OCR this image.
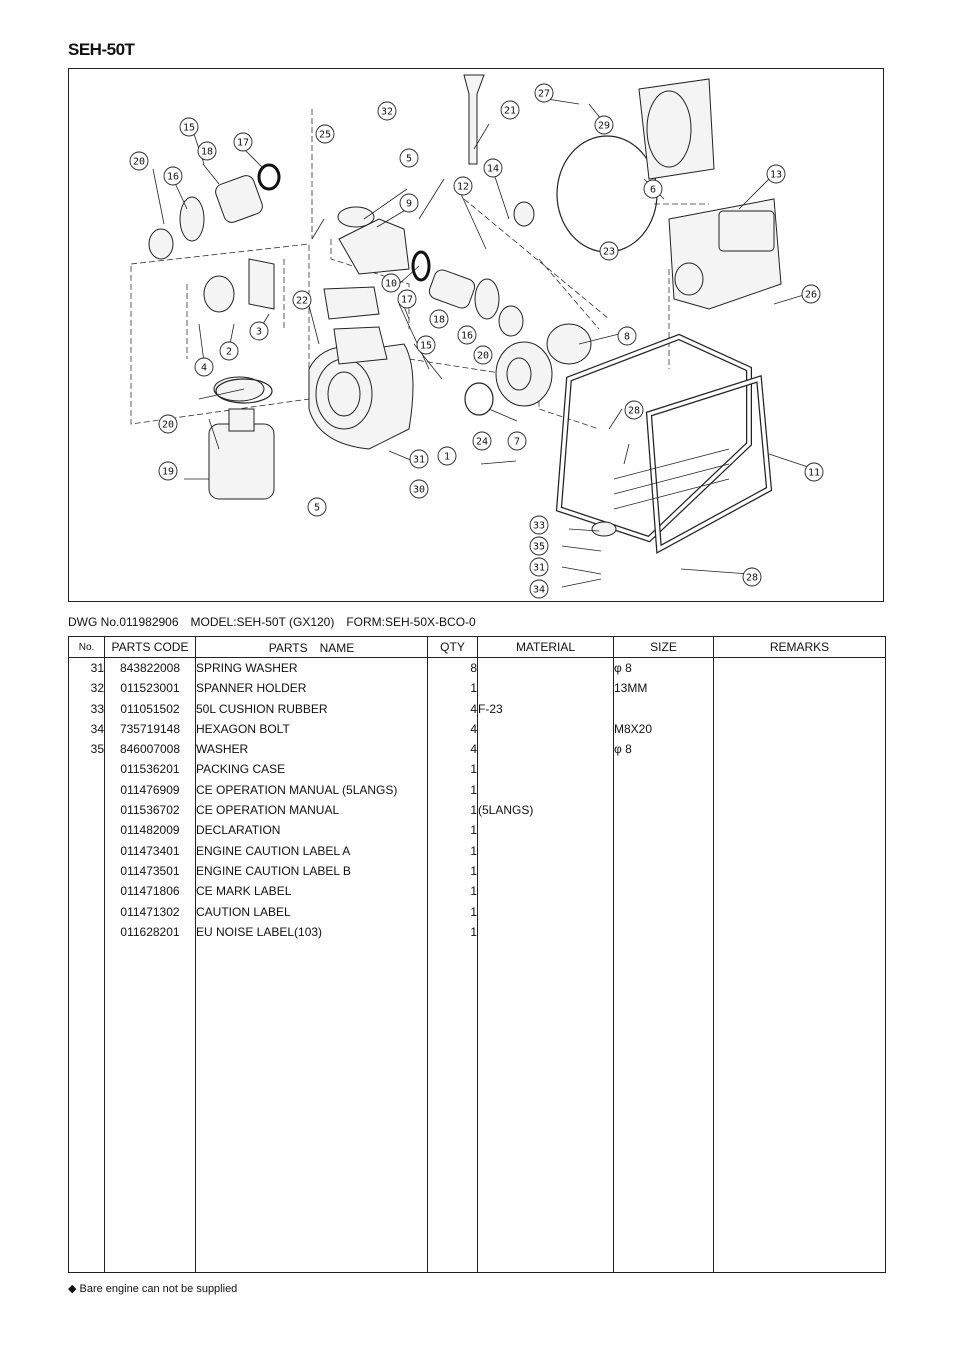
SEH-50T
1
2
3
4
5
5
6
7
8
9
10
11
12
13
14
15
15
16
16
17
17
18
18
19
20
20
20
21
22
23
24
25
26
27
28
28
29
30
31
31
32
33
34
35
DWG No.011982906 MODEL:SEH-50T (GX120) FORM:SEH-50X-BCO-0
No.	PARTS CODE	PARTS　NAME	QTY	MATERIAL	SIZE	REMARKS
31	843822008	SPRING WASHER	8		φ 8	
32	011523001	SPANNER HOLDER	1		13MM	
33	011051502	50L CUSHION RUBBER	4	F-23		
34	735719148	HEXAGON BOLT	4		M8X20	
35	846007008	WASHER	4		φ 8	
	011536201	PACKING CASE	1			
	011476909	CE OPERATION MANUAL (5LANGS)	1			
	011536702	CE OPERATION MANUAL	1	(5LANGS)		
	011482009	DECLARATION	1			
	011473401	ENGINE CAUTION LABEL A	1			
	011473501	ENGINE CAUTION LABEL B	1			
	011471806	CE MARK LABEL	1			
	011471302	CAUTION LABEL	1			
	011628201	EU NOISE LABEL(103)	1			

◆ Bare engine can not be supplied
